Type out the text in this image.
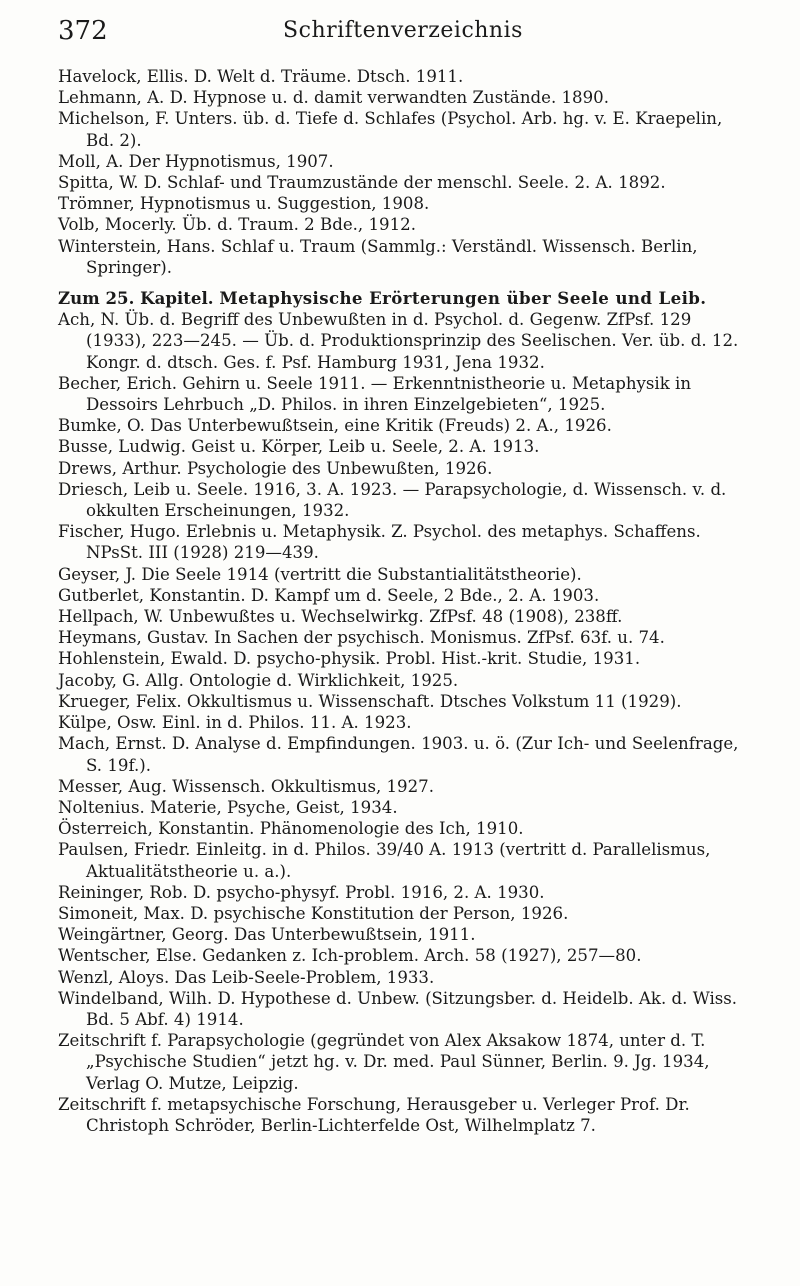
372	Schriftenverzeichnis

Havelock, Ellis. D. Welt d. Träume. Dtsch. 1911.

Lehmann, A. D. Hypnose u. d. damit verwandten Zustände. 1890.

Michelson, F. Unters. üb. d. Tiefe d. Schlafes (Psychol. Arb. hg. v. E. Kraepelin, Bd. 2).

Moll, A. Der Hypnotismus, 1907.

Spitta, W. D. Schlaf- und Traumzustände der menschl. Seele. 2. A. 1892.

Trömner, Hypnotismus u. Suggestion, 1908.

Volb, Mocerly. Üb. d. Traum. 2 Bde., 1912.

Winterstein, Hans. Schlaf u. Traum (Sammlg.: Verständl. Wissensch. Berlin, Springer).

Zum 25. Kapitel. Metaphysische Erörterungen über Seele und Leib.

Ach, N. Üb. d. Begriff des Unbewußten in d. Psychol. d. Gegenw. ZfPsf. 129 (1933), 223—245. — Üb. d. Produktionsprinzip des Seelischen. Ver. üb. d. 12. Kongr. d. dtsch. Ges. f. Psf. Hamburg 1931, Jena 1932.

Becher, Erich. Gehirn u. Seele 1911. — Erkenntnistheorie u. Metaphysik in Dessoirs Lehrbuch „D. Philos. in ihren Einzelgebieten“, 1925.

Bumke, O. Das Unterbewußtsein, eine Kritik (Freuds) 2. A., 1926.

Busse, Ludwig. Geist u. Körper, Leib u. Seele, 2. A. 1913.

Drews, Arthur. Psychologie des Unbewußten, 1926.

Driesch, Leib u. Seele. 1916, 3. A. 1923. — Parapsychologie, d. Wissensch. v. d. okkulten Erscheinungen, 1932.

Fischer, Hugo. Erlebnis u. Metaphysik. Z. Psychol. des metaphys. Schaffens. NPsSt. III (1928) 219—439.

Geyser, J. Die Seele 1914 (vertritt die Substantialitätstheorie).

Gutberlet, Konstantin. D. Kampf um d. Seele, 2 Bde., 2. A. 1903.

Hellpach, W. Unbewußtes u. Wechselwirkg. ZfPsf. 48 (1908), 238ff.

Heymans, Gustav. In Sachen der psychisch. Monismus. ZfPsf. 63f. u. 74.

Hohlenstein, Ewald. D. psycho-physik. Probl. Hist.-krit. Studie, 1931.

Jacoby, G. Allg. Ontologie d. Wirklichkeit, 1925.

Krueger, Felix. Okkultismus u. Wissenschaft. Dtsches Volkstum 11 (1929).

Külpe, Osw. Einl. in d. Philos. 11. A. 1923.

Mach, Ernst. D. Analyse d. Empfindungen. 1903. u. ö. (Zur Ich- und Seelenfrage, S. 19f.).

Messer, Aug. Wissensch. Okkultismus, 1927.

Noltenius. Materie, Psyche, Geist, 1934.

Österreich, Konstantin. Phänomenologie des Ich, 1910.

Paulsen, Friedr. Einleitg. in d. Philos. 39/40 A. 1913 (vertritt d. Parallelismus, Aktualitätstheorie u. a.).

Reininger, Rob. D. psycho-physyf. Probl. 1916, 2. A. 1930.

Simoneit, Max. D. psychische Konstitution der Person, 1926.

Weingärtner, Georg. Das Unterbewußtsein, 1911.

Wentscher, Else. Gedanken z. Ich-problem. Arch. 58 (1927), 257—80.

Wenzl, Aloys. Das Leib-Seele-Problem, 1933.

Windelband, Wilh. D. Hypothese d. Unbew. (Sitzungsber. d. Heidelb. Ak. d. Wiss. Bd. 5 Abf. 4) 1914.

Zeitschrift f. Parapsychologie (gegründet von Alex Aksakow 1874, unter d. T. „Psychische Studien“ jetzt hg. v. Dr. med. Paul Sünner, Berlin. 9. Jg. 1934, Verlag O. Mutze, Leipzig.

Zeitschrift f. metapsychische Forschung, Herausgeber u. Verleger Prof. Dr. Christoph Schröder, Berlin-Lichterfelde Ost, Wilhelmplatz 7.
